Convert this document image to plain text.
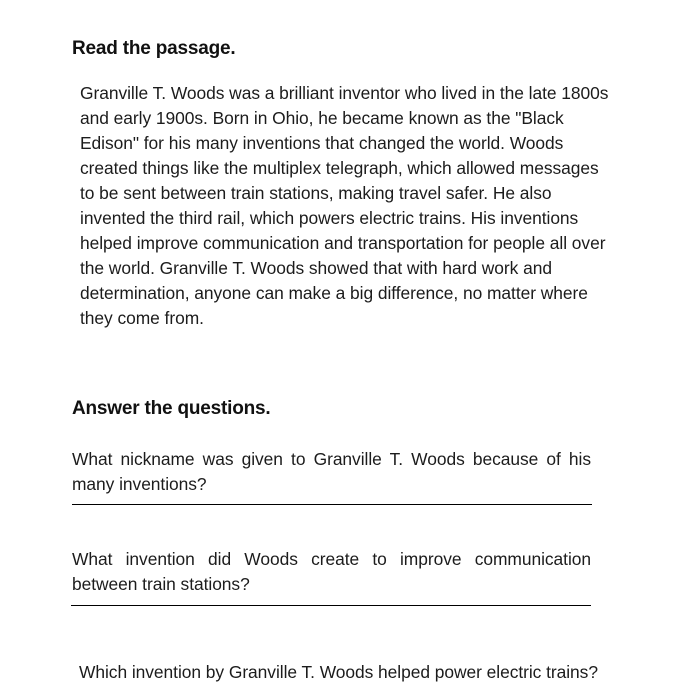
Read the passage.

Granville T. Woods was a brilliant inventor who lived in the late 1800s and early 1900s. Born in Ohio, he became known as the "Black Edison" for his many inventions that changed the world. Woods created things like the multiplex telegraph, which allowed messages to be sent between train stations, making travel safer. He also invented the third rail, which powers electric trains. His inventions helped improve communication and transportation for people all over the world. Granville T. Woods showed that with hard work and determination, anyone can make a big difference, no matter where they come from.

Answer the questions.

What nickname was given to Granville T. Woods because of his many inventions?

What invention did Woods create to improve communication between train stations?

Which invention by Granville T. Woods helped power electric trains?
